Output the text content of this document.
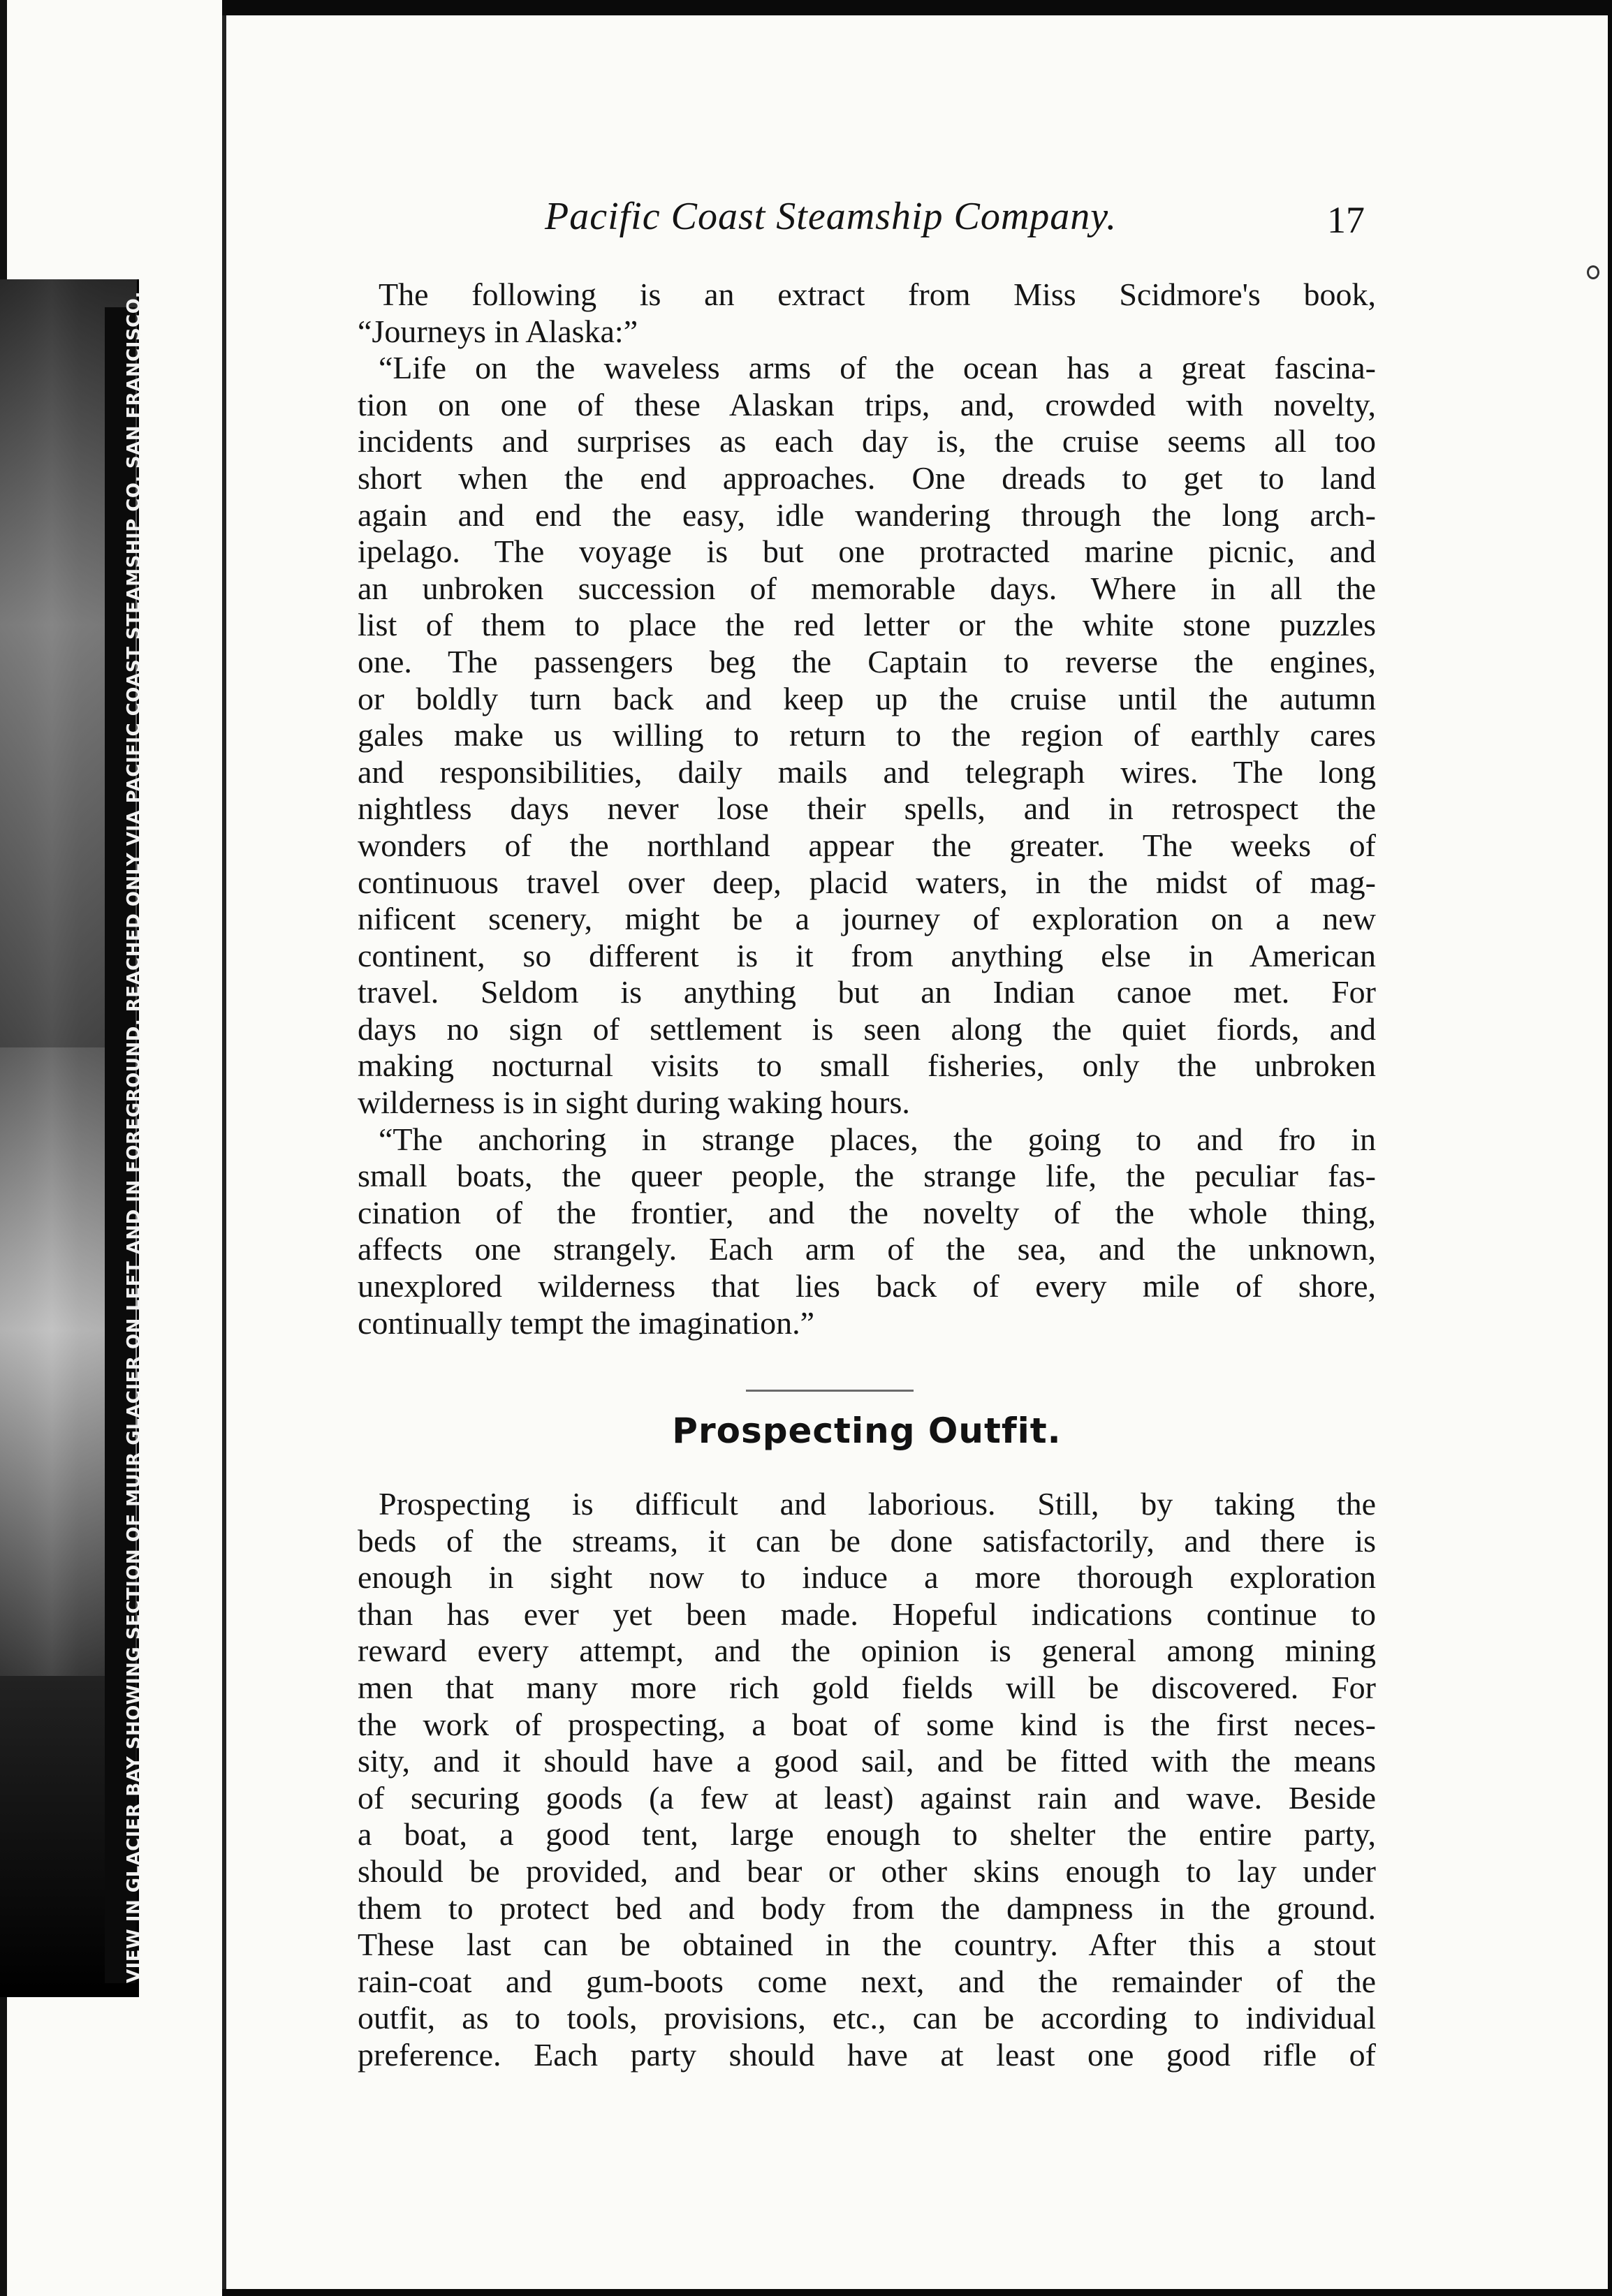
VIEW IN GLACIER BAY SHOWING SECTION OF MUIR GLACIER ON LEFT AND IN FOREGROUND. REACHED ONLY VIA PACIFIC COAST STEAMSHIP CO. SAN FRANCISCO.
Pacific Coast Steamship Company.	17
The following is an extract from Miss Scidmore's book,
“Journeys in Alaska:”
“Life on the waveless arms of the ocean has a great fascina-
tion on one of these Alaskan trips, and, crowded with novelty,
incidents and surprises as each day is, the cruise seems all too
short when the end approaches. One dreads to get to land
again and end the easy, idle wandering through the long arch-
ipelago. The voyage is but one protracted marine picnic, and
an unbroken succession of memorable days. Where in all the
list of them to place the red letter or the white stone puzzles
one. The passengers beg the Captain to reverse the engines,
or boldly turn back and keep up the cruise until the autumn
gales make us willing to return to the region of earthly cares
and responsibilities, daily mails and telegraph wires. The long
nightless days never lose their spells, and in retrospect the
wonders of the northland appear the greater. The weeks of
continuous travel over deep, placid waters, in the midst of mag-
nificent scenery, might be a journey of exploration on a new
continent, so different is it from anything else in American
travel. Seldom is anything but an Indian canoe met. For
days no sign of settlement is seen along the quiet fiords, and
making nocturnal visits to small fisheries, only the unbroken
wilderness is in sight during waking hours.
“The anchoring in strange places, the going to and fro in
small boats, the queer people, the strange life, the peculiar fas-
cination of the frontier, and the novelty of the whole thing,
affects one strangely. Each arm of the sea, and the unknown,
unexplored wilderness that lies back of every mile of shore,
continually tempt the imagination.”
Prospecting Outfit.
Prospecting is difficult and laborious. Still, by taking the
beds of the streams, it can be done satisfactorily, and there is
enough in sight now to induce a more thorough exploration
than has ever yet been made. Hopeful indications continue to
reward every attempt, and the opinion is general among mining
men that many more rich gold fields will be discovered. For
the work of prospecting, a boat of some kind is the first neces-
sity, and it should have a good sail, and be fitted with the means
of securing goods (a few at least) against rain and wave. Beside
a boat, a good tent, large enough to shelter the entire party,
should be provided, and bear or other skins enough to lay under
them to protect bed and body from the dampness in the ground.
These last can be obtained in the country. After this a stout
rain-coat and gum-boots come next, and the remainder of the
outfit, as to tools, provisions, etc., can be according to individual
preference. Each party should have at least one good rifle of
